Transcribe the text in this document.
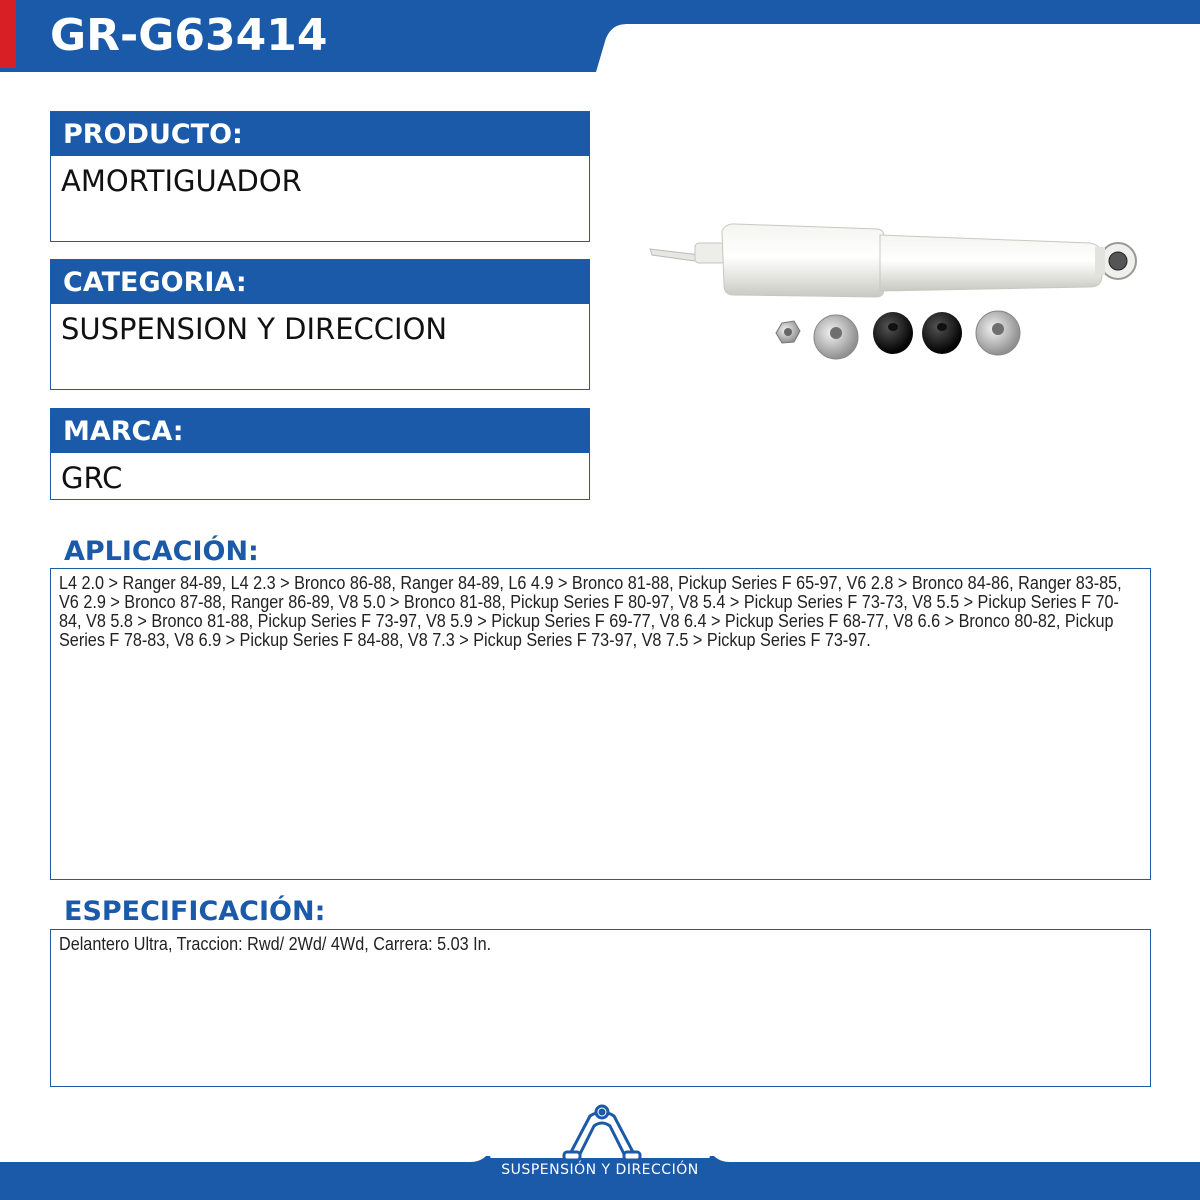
GR-G63414
PRODUCTO:
AMORTIGUADOR
CATEGORIA:
SUSPENSION Y DIRECCION
MARCA:
GRC
APLICACIÓN:
L4 2.0 > Ranger 84-89, L4 2.3 > Bronco 86-88, Ranger 84-89, L6 4.9 > Bronco 81-88, Pickup Series F 65-97, V6 2.8 > Bronco 84-86, Ranger 83-85, V6 2.9 > Bronco 87-88, Ranger 86-89, V8 5.0 > Bronco 81-88, Pickup Series F 80-97, V8 5.4 > Pickup Series F 73-73, V8 5.5 > Pickup Series F 70-84, V8 5.8 > Bronco 81-88, Pickup Series F 73-97, V8 5.9 > Pickup Series F 69-77, V8 6.4 > Pickup Series F 68-77, V8 6.6 > Bronco 80-82, Pickup Series F 78-83, V8 6.9 > Pickup Series F 84-88, V8 7.3 > Pickup Series F 73-97, V8 7.5 > Pickup Series F 73-97.
ESPECIFICACIÓN:
Delantero Ultra, Traccion: Rwd/ 2Wd/ 4Wd, Carrera: 5.03 In.
SUSPENSIÓN Y DIRECCIÓN
